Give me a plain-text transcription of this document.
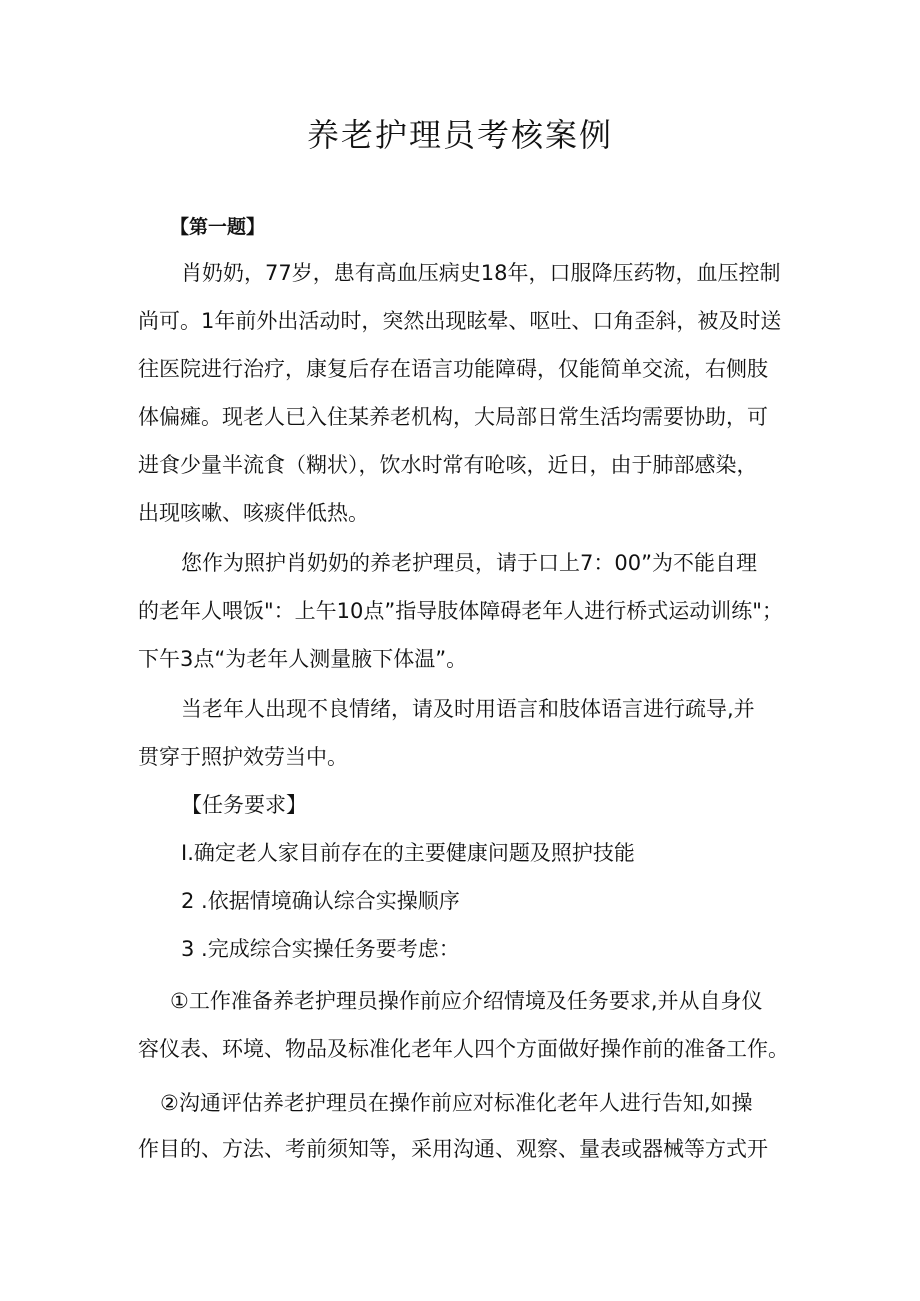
养老护理员考核案例
【第一题】
肖奶奶，77岁，患有高血压病史18年，口服降压药物，血压控制
尚可。1年前外出活动时，突然出现眩晕、呕吐、口角歪斜，被及时送
往医院进行治疗，康复后存在语言功能障碍，仅能简单交流，右侧肢
体偏瘫。现老人已入住某养老机构，大局部日常生活均需要协助，可
进食少量半流食（糊状），饮水时常有呛咳，近日，由于肺部感染，
出现咳嗽、咳痰伴低热。
您作为照护肖奶奶的养老护理员，请于口上7：00”为不能自理
的老年人喂饭"：上午10点”指导肢体障碍老年人进行桥式运动训练"；
下午3点“为老年人测量腋下体温”。
当老年人出现不良情绪，请及时用语言和肢体语言进行疏导,并
贯穿于照护效劳当中。
【任务要求】
I.确定老人家目前存在的主要健康问题及照护技能
2 .依据情境确认综合实操顺序
3 .完成综合实操任务要考虑：
①工作准备养老护理员操作前应介绍情境及任务要求,并从自身仪
容仪表、环境、物品及标准化老年人四个方面做好操作前的准备工作。
②沟通评估养老护理员在操作前应对标准化老年人进行告知,如操
作目的、方法、考前须知等，采用沟通、观察、量表或器械等方式开
